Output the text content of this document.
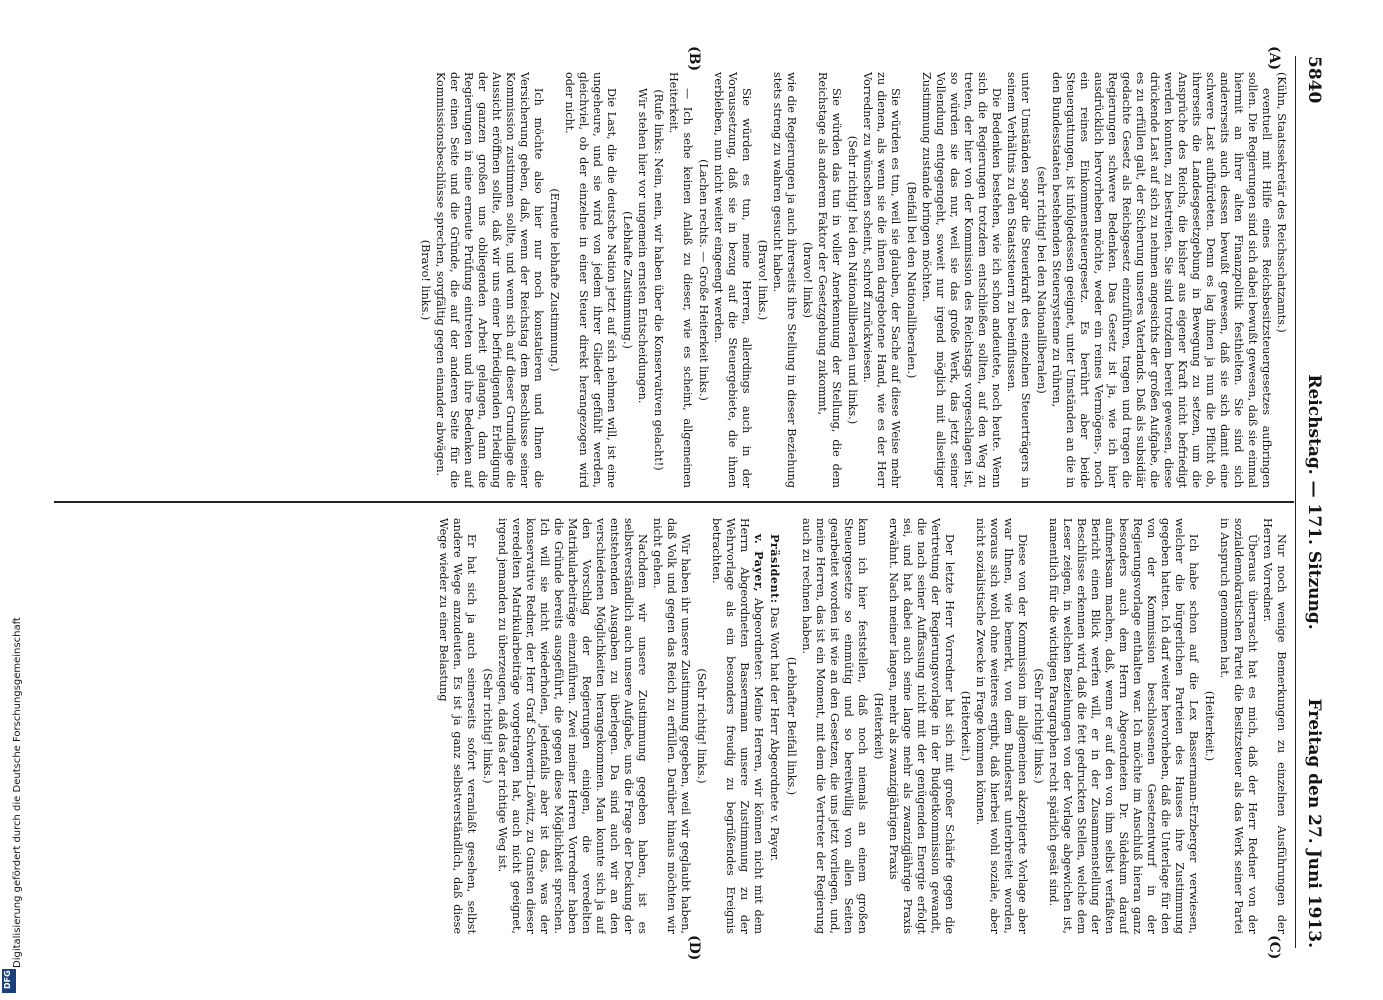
Reichstag. — 171. Sitzung.
5840
Freitag den 27. Juni 1913.

(Kühn, Staatssekretär des Reichsschatzamts.)

eventuell mit Hilfe eines Reichsbesitzsteuergesetzes aufbringen sollen. Die Regierungen sind sich dabei bewußt gewesen, daß sie einmal hiermit an ihrer alten Finanzpolitik festhielten. Sie sind sich andererseits auch dessen bewußt gewesen, daß sie sich damit eine schwere Last aufbürdeten. Denn es lag ihnen ja nun die Pflicht ob, ihrerseits die Landesgesetzgebung in Bewegung zu setzen, um die Ansprüche des Reichs, die bisher aus eigener Kraft nicht befriedigt werden konnten, zu bestreiten. Sie sind trotzdem bereit gewesen, diese drückende Last auf sich zu nehmen angesichts der großen Aufgabe, die es zu erfüllen galt, der Sicherung unseres Vaterlands. Daß als subsidiär gedachte Gesetz als Reichsgesetz einzuführen, tragen und tragen die Regierungen schwere Bedenken. Das Gesetz ist ja, wie ich hier ausdrücklich hervorheben möchte, weder ein reines Vermögens-, noch ein reines Einkommensteuergesetz. Es berührt aber beide Steuergattungen, ist infolgedessen geeignet, unter Umständen an die in den Bundesstaaten bestehenden Steuersysteme zu rühren,

(sehr richtig! bei den Nationalliberalen)

unter Umständen sogar die Steuerkraft des einzelnen Steuerträgers in seinem Verhältnis zu den Staatssteuern zu beeinflussen.

Die Bedenken bestehen, wie ich schon andeutete, noch heute. Wenn sich die Regierungen trotzdem entschließen sollten, auf den Weg zu treten, der hier von der Kommission des Reichstags vorgeschlagen ist, so würden sie das nur, weil sie das große Werk, das jetzt seiner Vollendung entgegengeht, soweit nur irgend möglich mit allseitiger Zustimmung zustande bringen möchten.

(Beifall bei den Nationalliberalen.)

Sie würden es tun, weil sie glauben, der Sache auf diese Weise mehr zu dienen, als wenn sie die ihnen dargebotene Hand, wie es der Herr Vorredner zu wünschen scheint, schroff zurückwiesen.

(Sehr richtig! bei den Nationalliberalen und links.)

Sie würden das tun in voller Anerkennung der Stellung, die dem Reichstage als anderem Faktor der Gesetzgebung zukommt,

(bravo! links)

wie die Regierungen ja auch ihrerseits ihre Stellung in dieser Beziehung stets streng zu wahren gesucht haben.

(Bravo! links.)

Sie würden es tun, meine Herren, allerdings auch in der Voraussetzung, daß sie in bezug auf die Steuergebiete, die ihnen verbleiben, nun nicht weiter eingeengt werden.

(Lachen rechts. — Große Heiterkeit links.)

— Ich sehe keinen Anlaß zu dieser, wie es scheint, allgemeinen Heiterkeit.

(Rufe links: Nein, nein, wir haben über die Konservativen gelacht!)

Wir stehen hier vor ungemein ernsten Entscheidungen.

(Lebhafte Zustimmung.)

Die Last, die die deutsche Nation jetzt auf sich nehmen will, ist eine ungeheure, und sie wird von jedem ihrer Glieder gefühlt werden, gleichviel, ob der einzelne in einer Steuer direkt herangezogen wird oder nicht.

(Erneute lebhafte Zustimmung.)

Ich möchte also hier nur noch konstatieren und Ihnen die Versicherung geben, daß, wenn der Reichstag dem Beschlusse seiner Kommission zustimmen sollte, und wenn sich auf dieser Grundlage die Aussicht eröffnen sollte, daß wir uns einer befriedigenden Erledigung der ganzen großen uns obliegenden Arbeit gelangen, dann die Regierungen in eine erneute Prüfung eintreten und ihre Bedenken auf der einen Seite und die Gründe, die auf der anderen Seite für die Kommissionsbeschlüsse sprechen, sorgfältig gegen einander abwägen.

(Bravo! links.)

Nur noch wenige Bemerkungen zu einzelnen Ausführungen der Herren Vorredner.

Überaus überrascht hat es mich, daß der Herr Redner von der sozialdemokratischen Partei die Besitzsteuer als das Werk seiner Partei in Anspruch genommen hat.

(Heiterkeit.)

Ich habe schon auf die Lex Bassermann-Erzberger verwiesen, welcher die bürgerlichen Parteien des Hauses ihre Zustimmung gegeben hatten. Ich darf weiter hervorheben, daß die Unterlage für den von der Kommission beschlossenen Gesetzentwurf in der Regierungsvorlage enthalten war. Ich möchte im Anschluß hieran ganz besonders auch dem Herrn Abgeordneten Dr. Südekum darauf aufmerksam machen, daß, wenn er auf den von ihm selbst verfaßten Bericht einen Blick werfen will, er in der Zusammenstellung der Beschlüsse erkennen wird, daß die fett gedruckten Stellen, welche dem Leser zeigen, in welchen Beziehungen von der Vorlage abgewichen ist, namentlich für die wichtigen Paragraphen recht spärlich gesät sind.

(Sehr richtig! links.)

Diese von der Kommission im allgemeinen akzeptierte Vorlage aber war Ihnen, wie bemerkt, von dem Bundesrat unterbreitet worden, woraus sich wohl ohne weiteres ergibt, daß hierbei wohl soziale, aber nicht sozialistische Zwecke in Frage kommen können.

(Heiterkeit.)

Der letzte Herr Vorredner hat sich mit großer Schärfe gegen die Vertretung der Regierungsvorlage in der Budgetkommission gewandt, die nach seiner Auffassung nicht mit der genügenden Energie erfolgt sei, und hat dabei auch seine lange mehr als zwanzigjährige Praxis erwähnt. Nach meiner langen, mehr als zwanzigjährigen Praxis

(Heiterkeit)

kann ich hier feststellen, daß noch niemals an einem großen Steuergesetze so einmütig und so bereitwillig von allen Seiten gearbeitet worden ist wie an den Gesetzen, die uns jetzt vorliegen, und, meine Herren, das ist ein Moment, mit dem die Vertreter der Regierung auch zu rechnen haben.

(Lebhafter Beifall links.)

Präsident: Das Wort hat der Herr Abgeordnete v. Payer.

v. Payer, Abgeordneter: Meine Herren, wir können nicht mit dem Herrn Abgeordneten Bassermann unsere Zustimmung zu der Wehrvorlage als ein besonders freudig zu begrüßendes Ereignis betrachten.

(Sehr richtig! links.)

Wir haben ihr unsere Zustimmung gegeben, weil wir geglaubt haben, daß Volk und gegen das Reich zu erfüllen. Darüber hinaus möchten wir nicht gehen.

Nachdem wir unsere Zustimmung gegeben haben, ist es selbstverständlich auch unsere Aufgabe, uns die Frage der Deckung der entstehenden Ausgaben zu überlegen. Da sind auch wir an den verschiedenen Möglichkeiten herangekommen. Man konnte sich ja auf den Vorschlag der Regierungen einigen, die veredelten Matrikularbeiträge einzuführen. Zwei meiner Herren Vorredner haben die Gründe bereits ausgeführt, die gegen diese Möglichkeit sprechen. Ich will sie nicht wiederholen, jedenfalls aber ist das, was der konservative Redner, der Herr Graf Schwerin-Löwitz, zu Gunsten dieser veredelten Matrikularbeiträge vorgetragen hat, auch nicht geeignet, irgend jemanden zu überzeugen, daß das der richtige Weg ist.

(Sehr richtig! links.)

Er hat sich ja auch seinerseits sofort veranlaßt gesehen, selbst andere Wege anzudeuten. Es ist ja ganz selbstverständlich, daß diese Wege wieder zu einer Belastung

(A)
(B)
(C)
(D)
Digitalisierung gefördert durch die Deutsche Forschungsgemeinschaft
DFG
